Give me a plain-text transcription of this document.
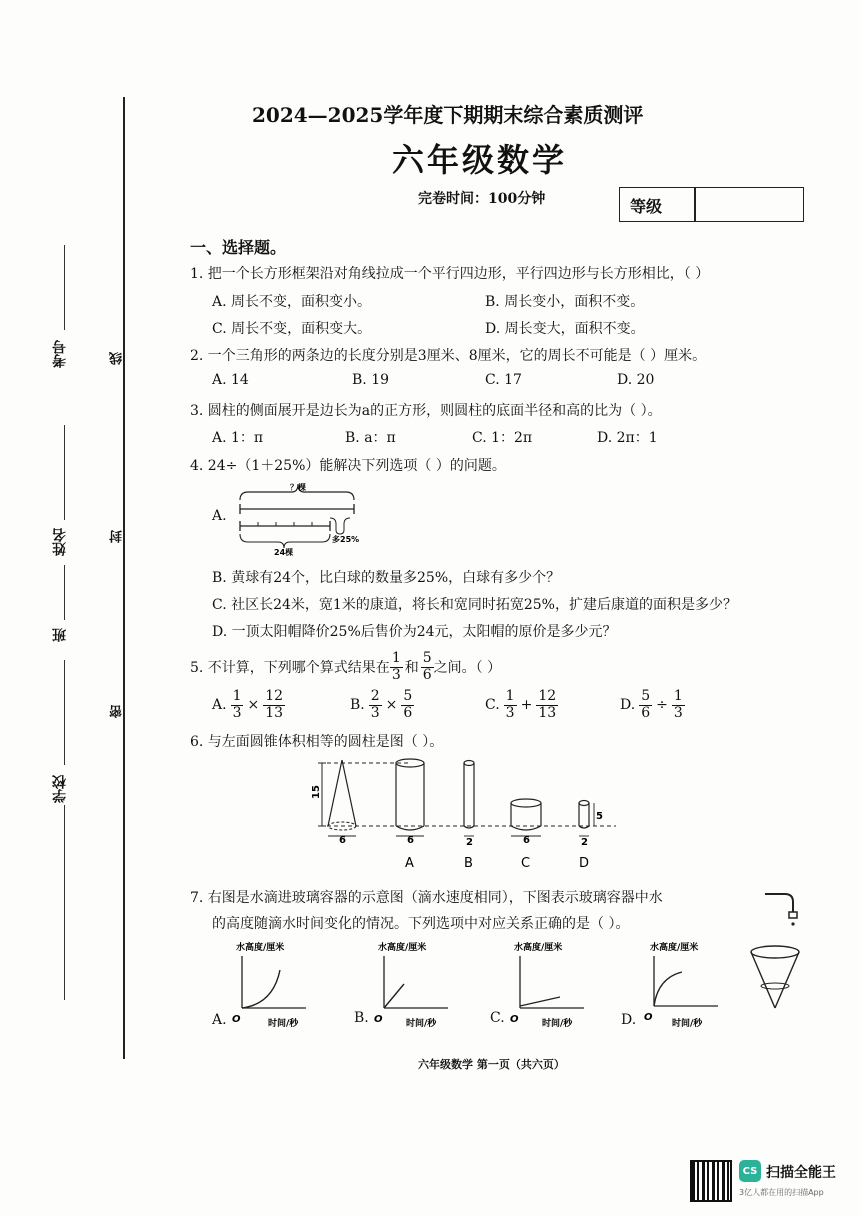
考号
姓名
班
学校
线
封
密
2024—2025学年度下期期末综合素质测评
六年级数学
完卷时间：100分钟	等级
一、选择题。
1. 把一个长方形框架沿对角线拉成一个平行四边形，平行四边形与长方形相比，（ ）
A. 周长不变，面积变小。	B. 周长变小，面积不变。
C. 周长不变，面积变大。	D. 周长变大，面积不变。
2. 一个三角形的两条边的长度分别是3厘米、8厘米，它的周长不可能是（ ）厘米。
A. 14	B. 19	C. 17	D. 20
3. 圆柱的侧面展开是边长为a的正方形，则圆柱的底面半径和高的比为（ ）。
A. 1：π	B. a：π	C. 1：2π	D. 2π：1
4. 24÷（1＋25%）能解决下列选项（ ）的问题。
A.
？棵
24棵
多25%
B. 黄球有24个，比白球的数量多25%，白球有多少个？
C. 社区长24米，宽1米的康道，将长和宽同时拓宽25%，扩建后康道的面积是多少？
D. 一顶太阳帽降价25%后售价为24元，太阳帽的原价是多少元？
5. 不计算，下列哪个算式结果在 $\frac{1}{3}$ 和 $\frac{5}{6}$ 之间。（ ）
A. $\frac{1}{3} \times \frac{12}{13}$	B. $\frac{2}{3} \times \frac{5}{6}$	C. $\frac{1}{3} + \frac{12}{13}$	D. $\frac{5}{6} \div \frac{1}{3}$
6. 与左面圆锥体积相等的圆柱是图（ ）。
15
6	6	2	6
5
2
A	B	C	D
7. 右图是水滴进玻璃容器的示意图（滴水速度相同），下图表示玻璃容器中水
的高度随滴水时间变化的情况。下列选项中对应关系正确的是（ ）。
A.
水高度/厘米
O	时间/秒	B.
水高度/厘米
O	时间/秒	C.
水高度/厘米
O	时间/秒	D.
水高度/厘米
O
时间/秒
六年级数学 第一页（共六页）
CS 扫描全能王
3亿人都在用的扫描App
